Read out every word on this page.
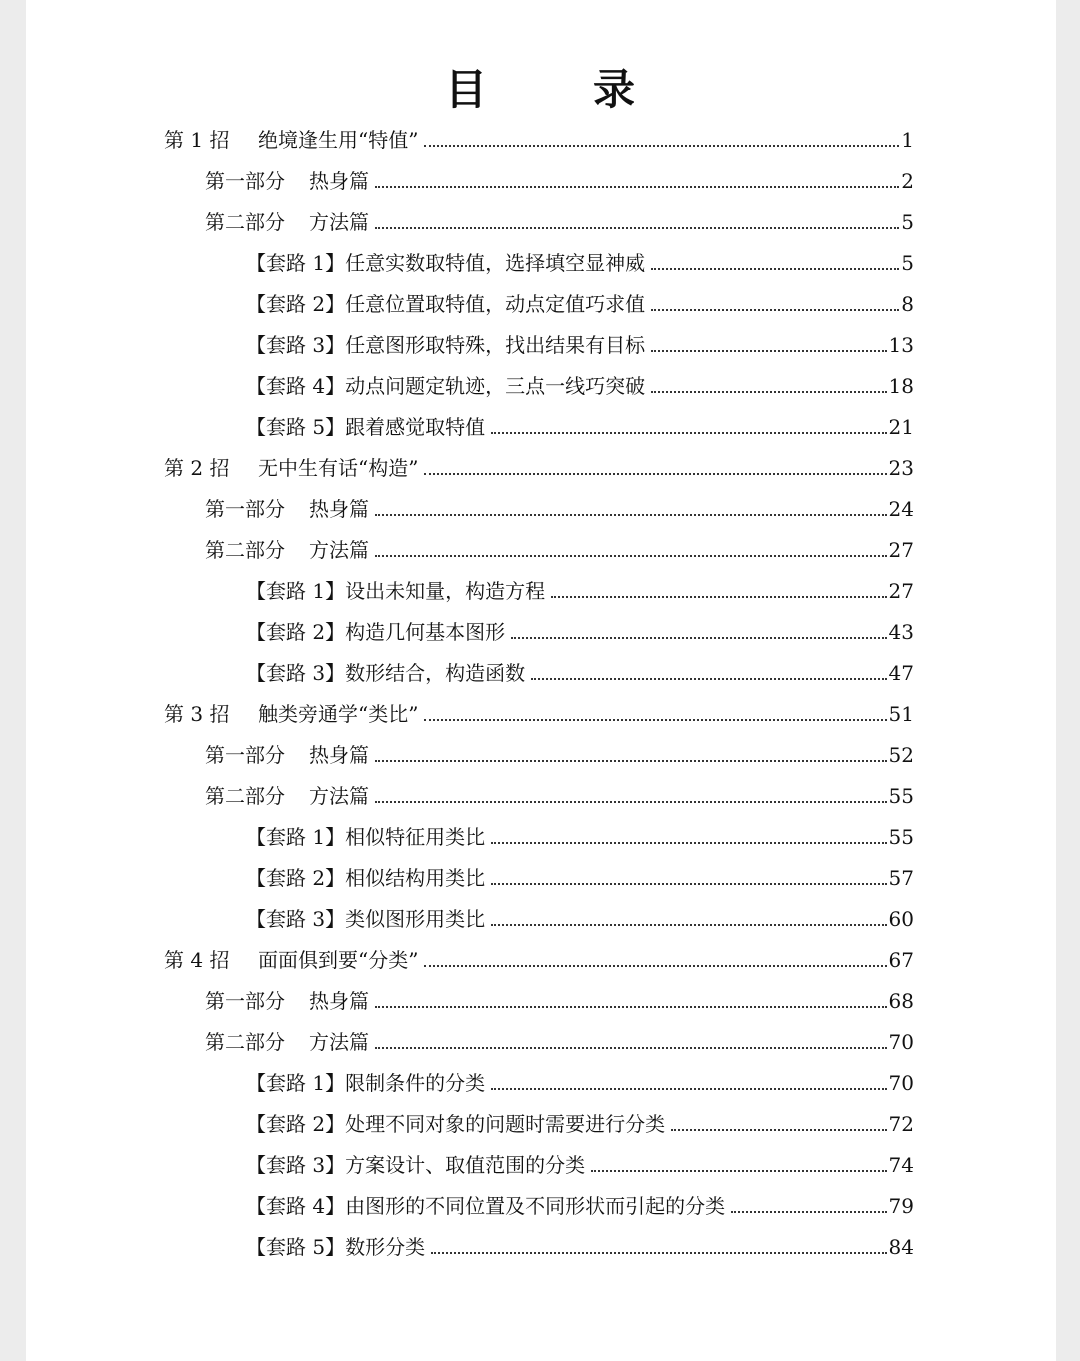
目　录
第 1 招 绝境逢生用“特值”	1
第一部分 热身篇	2
第二部分 方法篇	5
【套路 1】任意实数取特值，选择填空显神威	5
【套路 2】任意位置取特值，动点定值巧求值	8
【套路 3】任意图形取特殊，找出结果有目标	13
【套路 4】动点问题定轨迹，三点一线巧突破	18
【套路 5】跟着感觉取特值	21
第 2 招 无中生有话“构造”	23
第一部分 热身篇	24
第二部分 方法篇	27
【套路 1】设出未知量，构造方程	27
【套路 2】构造几何基本图形	43
【套路 3】数形结合，构造函数	47
第 3 招 触类旁通学“类比”	51
第一部分 热身篇	52
第二部分 方法篇	55
【套路 1】相似特征用类比	55
【套路 2】相似结构用类比	57
【套路 3】类似图形用类比	60
第 4 招 面面俱到要“分类”	67
第一部分 热身篇	68
第二部分 方法篇	70
【套路 1】限制条件的分类	70
【套路 2】处理不同对象的问题时需要进行分类	72
【套路 3】方案设计、取值范围的分类	74
【套路 4】由图形的不同位置及不同形状而引起的分类	79
【套路 5】数形分类	84
